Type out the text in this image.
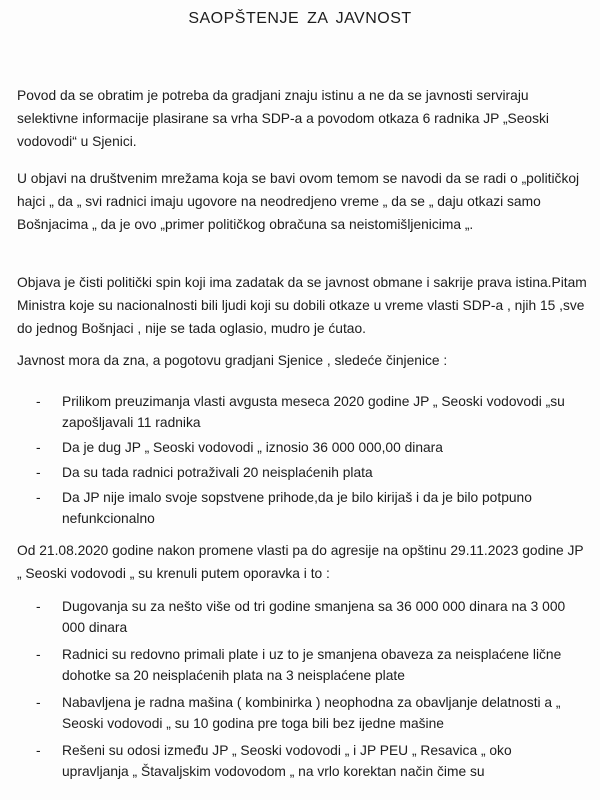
SAOPŠTENJE ZA JAVNOST

Povod da se obratim je potreba da gradjani znaju istinu a ne da se javnosti serviraju selektivne informacije plasirane sa vrha SDP-a a povodom otkaza 6 radnika JP „Seoski vodovodi“ u Sjenici.

U objavi na društvenim mrežama koja se bavi ovom temom se navodi da se radi o „političkoj hajci „ da „ svi radnici imaju ugovore na neodredjeno vreme „ da se „ daju otkazi samo Bošnjacima „ da je ovo „primer političkog obračuna sa neistomišljenicima „.

Objava je čisti politički spin koji ima zadatak da se javnost obmane i sakrije prava istina.Pitam Ministra koje su nacionalnosti bili ljudi koji su dobili otkaze u vreme vlasti SDP-a , njih 15 ,sve do jednog Bošnjaci , nije se tada oglasio, mudro je ćutao.

Javnost mora da zna, a pogotovu gradjani Sjenice , sledeće činjenice :

- Prilikom preuzimanja vlasti avgusta meseca 2020 godine JP „ Seoski vodovodi „su zapošljavali 11 radnika
- Da je dug JP „ Seoski vodovodi „ iznosio 36 000 000,00 dinara
- Da su tada radnici potraživali 20 neisplaćenih plata
- Da JP nije imalo svoje sopstvene prihode,da je bilo kirijaš i da je bilo potpuno nefunkcionalno

Od 21.08.2020 godine nakon promene vlasti pa do agresije na opštinu 29.11.2023 godine JP „ Seoski vodovodi „ su krenuli putem oporavka i to :

- Dugovanja su za nešto više od tri godine smanjena sa 36 000 000 dinara na 3 000 000 dinara
- Radnici su redovno primali plate i uz to je smanjena obaveza za neisplaćene lične dohotke sa 20 neisplaćenih plata na 3 neisplaćene plate
- Nabavljena je radna mašina ( kombinirka ) neophodna za obavljanje delatnosti a „ Seoski vodovodi „ su 10 godina pre toga bili bez ijedne mašine
- Rešeni su odosi između JP „ Seoski vodovodi „ i JP PEU „ Resavica „ oko upravljanja „ Štavaljskim vodovodom „ na vrlo korektan način čime su
